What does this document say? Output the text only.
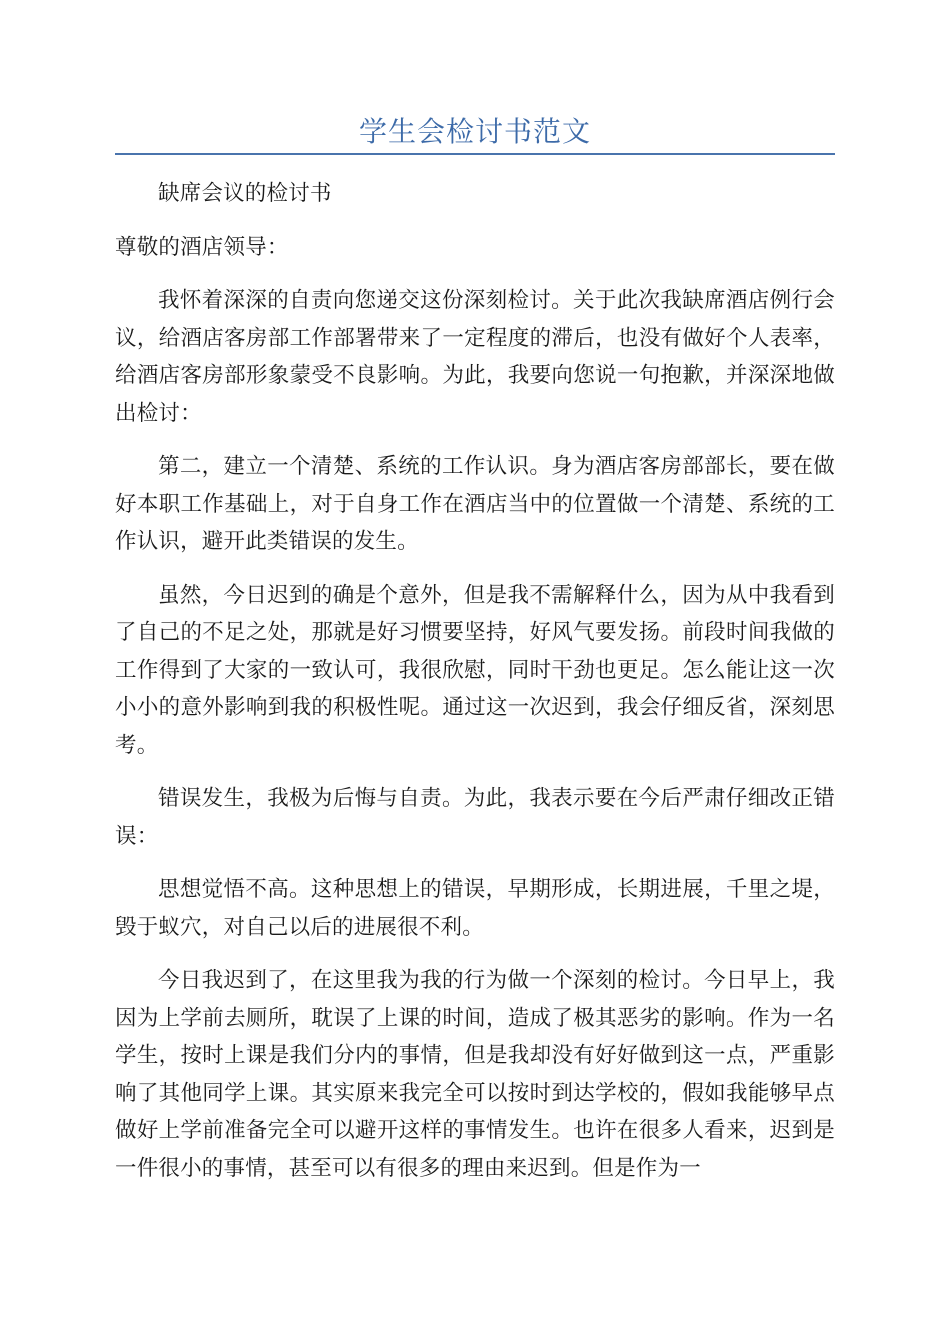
学生会检讨书范文

缺席会议的检讨书

尊敬的酒店领导：

我怀着深深的自责向您递交这份深刻检讨。关于此次我缺席酒店例行会议，给酒店客房部工作部署带来了一定程度的滞后，也没有做好个人表率，给酒店客房部形象蒙受不良影响。为此，我要向您说一句抱歉，并深深地做出检讨：

第二，建立一个清楚、系统的工作认识。身为酒店客房部部长，要在做好本职工作基础上，对于自身工作在酒店当中的位置做一个清楚、系统的工作认识，避开此类错误的发生。

虽然，今日迟到的确是个意外，但是我不需解释什么，因为从中我看到了自己的不足之处，那就是好习惯要坚持，好风气要发扬。前段时间我做的工作得到了大家的一致认可，我很欣慰，同时干劲也更足。怎么能让这一次小小的意外影响到我的积极性呢。通过这一次迟到，我会仔细反省，深刻思考。

错误发生，我极为后悔与自责。为此，我表示要在今后严肃仔细改正错误：

思想觉悟不高。这种思想上的错误，早期形成，长期进展，千里之堤，毁于蚁穴，对自己以后的进展很不利。

今日我迟到了，在这里我为我的行为做一个深刻的检讨。今日早上，我因为上学前去厕所，耽误了上课的时间，造成了极其恶劣的影响。作为一名学生，按时上课是我们分内的事情，但是我却没有好好做到这一点，严重影响了其他同学上课。其实原来我完全可以按时到达学校的，假如我能够早点做好上学前准备完全可以避开这样的事情发生。也许在很多人看来，迟到是一件很小的事情，甚至可以有很多的理由来迟到。但是作为一
